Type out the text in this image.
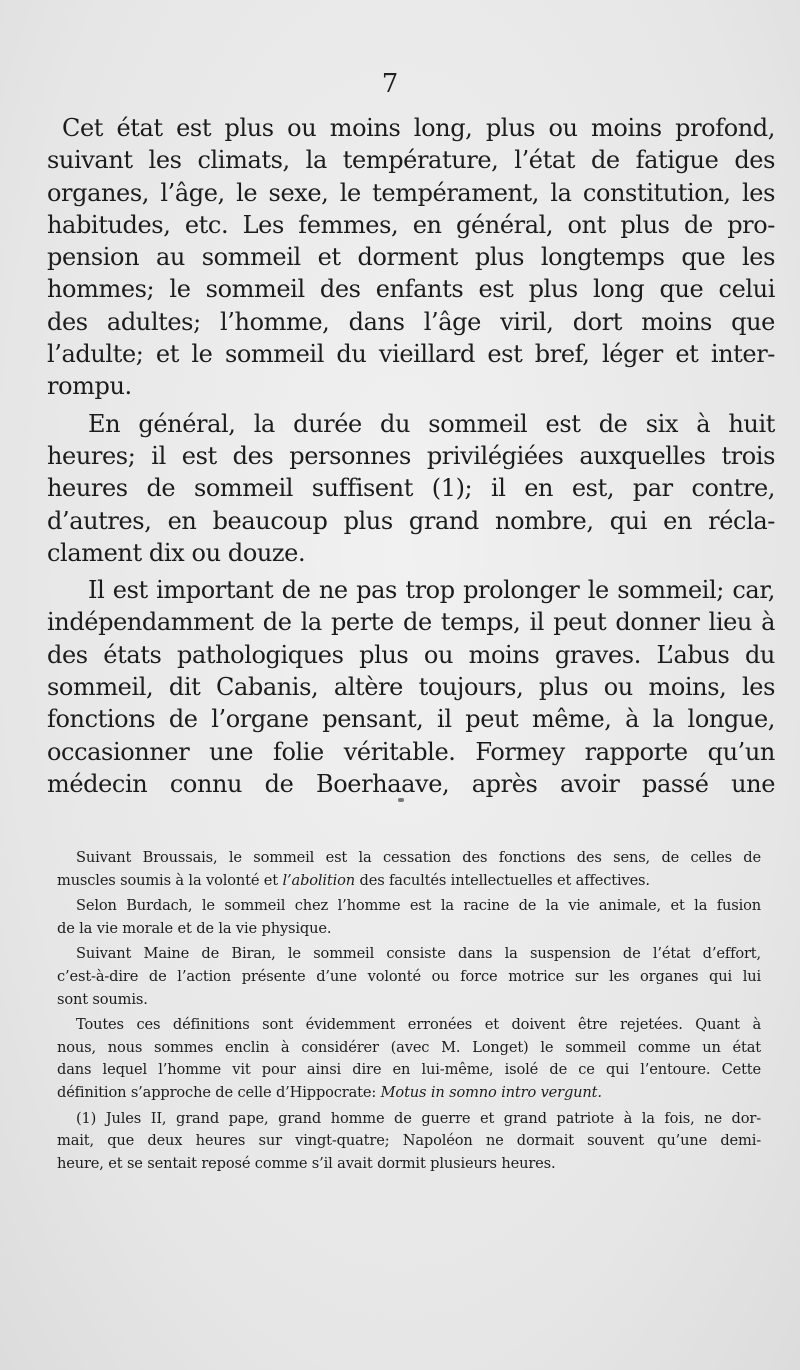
7
Cet état est plus ou moins long, plus ou moins profond,
suivant les climats, la température, l’état de fatigue des
organes, l’âge, le sexe, le tempérament, la constitution, les
habitudes, etc. Les femmes, en général, ont plus de pro-
pension au sommeil et dorment plus longtemps que les
hommes; le sommeil des enfants est plus long que celui
des adultes; l’homme, dans l’âge viril, dort moins que
l’adulte; et le sommeil du vieillard est bref, léger et inter-
rompu.
En général, la durée du sommeil est de six à huit
heures; il est des personnes privilégiées auxquelles trois
heures de sommeil suffisent (1); il en est, par contre,
d’autres, en beaucoup plus grand nombre, qui en récla-
clament dix ou douze.
Il est important de ne pas trop prolonger le sommeil; car,
indépendamment de la perte de temps, il peut donner lieu à
des états pathologiques plus ou moins graves. L’abus du
sommeil, dit Cabanis, altère toujours, plus ou moins, les
fonctions de l’organe pensant, il peut même, à la longue,
occasionner une folie véritable. Formey rapporte qu’un
médecin connu de Boerhaave, après avoir passé une
Suivant Broussais, le sommeil est la cessation des fonctions des sens, de celles de
muscles soumis à la volonté et l’abolition des facultés intellectuelles et affectives.
Selon Burdach, le sommeil chez l’homme est la racine de la vie animale, et la fusion
de la vie morale et de la vie physique.
Suivant Maine de Biran, le sommeil consiste dans la suspension de l’état d’effort,
c’est-à-dire de l’action présente d’une volonté ou force motrice sur les organes qui lui
sont soumis.
Toutes ces définitions sont évidemment erronées et doivent être rejetées. Quant à
nous, nous sommes enclin à considérer (avec M. Longet) le sommeil comme un état
dans lequel l’homme vit pour ainsi dire en lui-même, isolé de ce qui l’entoure. Cette
définition s’approche de celle d’Hippocrate: Motus in somno intro vergunt.
(1) Jules II, grand pape, grand homme de guerre et grand patriote à la fois, ne dor-
mait, que deux heures sur vingt-quatre; Napoléon ne dormait souvent qu’une demi-
heure, et se sentait reposé comme s’il avait dormit plusieurs heures.
